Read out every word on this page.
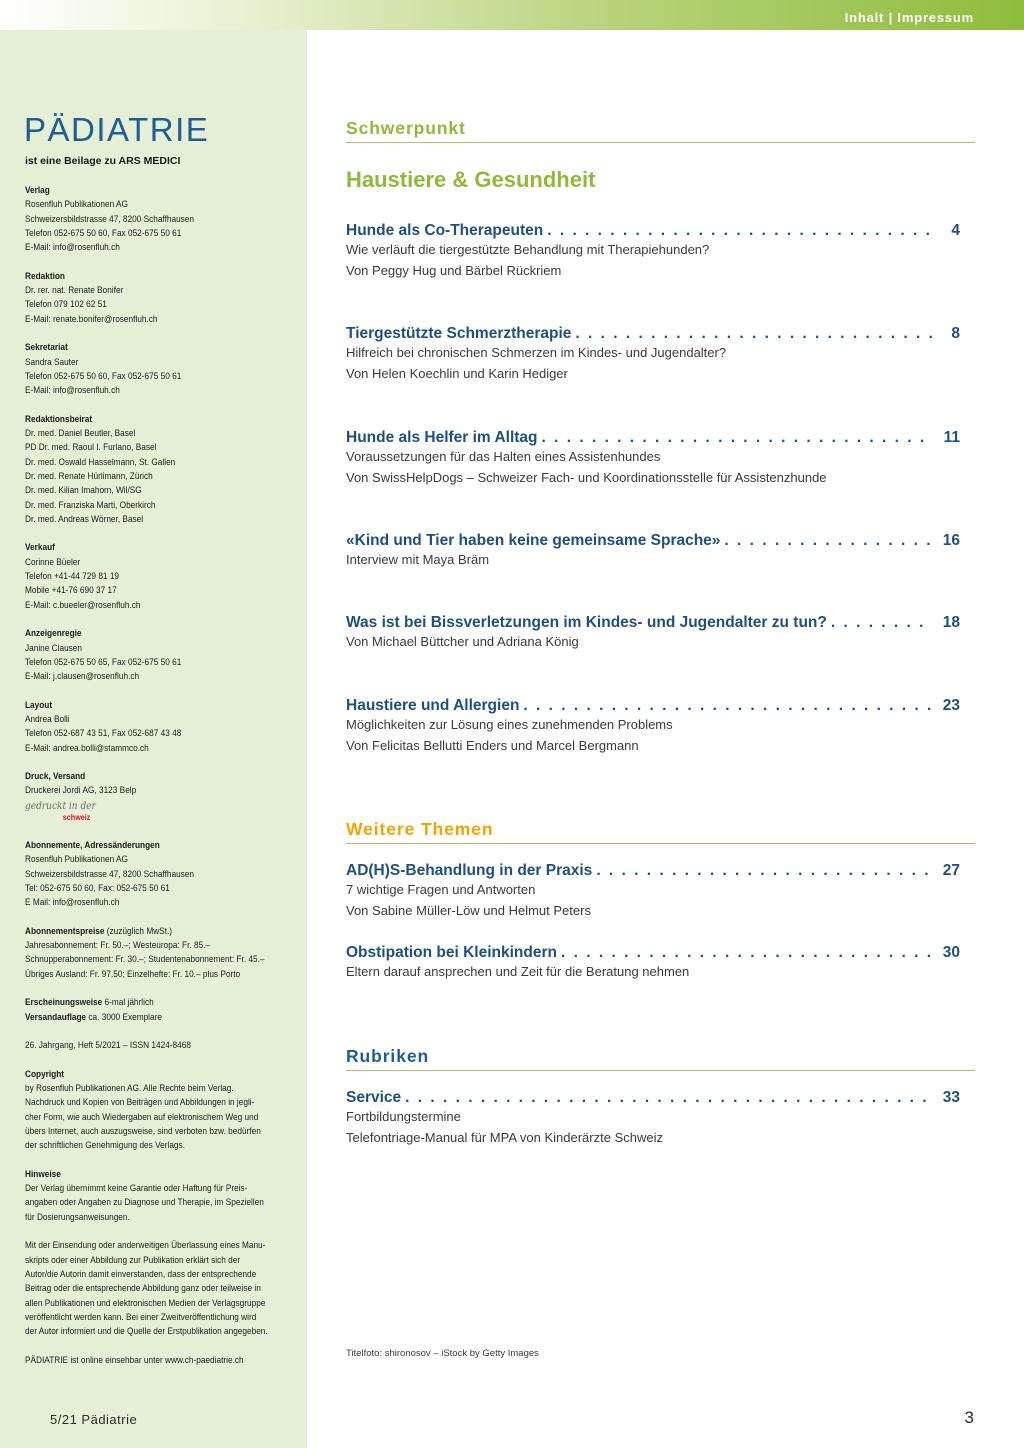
Inhalt | Impressum
PÄDIATRIE
ist eine Beilage zu ARS MEDICI

Verlag

Rosenfluh Publikationen AG

Schweizersbildstrasse 47, 8200 Schaffhausen

Telefon 052-675 50 60, Fax 052-675 50 61

E-Mail: info@rosenfluh.ch

Redaktion

Dr. rer. nat. Renate Bonifer

Telefon 079 102 62 51

E-Mail: renate.bonifer@rosenfluh.ch

Sekretariat

Sandra Sauter

Telefon 052-675 50 60, Fax 052-675 50 61

E-Mail: info@rosenfluh.ch

Redaktionsbeirat

Dr. med. Daniel Beutler, Basel

PD Dr. med. Raoul I. Furlano, Basel

Dr. med. Oswald Hasselmann, St. Gallen

Dr. med. Renate Hürlimann, Zürich

Dr. med. Kilian Imahorn, Wil/SG

Dr. med. Franziska Marti, Oberkirch

Dr. med. Andreas Wörner, Basel

Verkauf

Corinne Büeler

Telefon +41-44 729 81 19

Mobile +41-76 690 37 17

E-Mail: c.bueeler@rosenfluh.ch

Anzeigenregie

Janine Clausen

Telefon 052-675 50 65, Fax 052-675 50 61

E-Mail: j.clausen@rosenfluh.ch

Layout

Andrea Bolli

Telefon 052-687 43 51, Fax 052-687 43 48

E-Mail: andrea.bolli@stammco.ch

Druck, Versand

Druckerei Jordi AG, 3123 Belp

gedruckt in der
schweiz

Abonnemente, Adressänderungen

Rosenfluh Publikationen AG

Schweizersbildstrasse 47, 8200 Schaffhausen

Tel: 052-675 50 60, Fax: 052-675 50 61

E Mail: info@rosenfluh.ch

Abonnementspreise (zuzüglich MwSt.)

Jahresabonnement: Fr. 50.–; Westeuropa: Fr. 85.–

Schnupperabonnement: Fr. 30.–; Studentenabonnement: Fr. 45.–

Übriges Ausland: Fr. 97.50; Einzelhefte: Fr. 10.– plus Porto

Erscheinungsweise 6-mal jährlich

Versandauflage ca. 3000 Exemplare

26. Jahrgang, Heft 5/2021 – ISSN 1424-8468

Copyright

by Rosenfluh Publikationen AG. Alle Rechte beim Verlag.

Nachdruck und Kopien von Beiträgen und Abbildungen in jegli-

cher Form, wie auch Wiedergaben auf elektronischem Weg und

übers Internet, auch auszugsweise, sind verboten bzw. bedürfen

der schriftlichen Genehmigung des Verlags.

Hinweise

Der Verlag übernimmt keine Garantie oder Haftung für Preis-

angaben oder Angaben zu Diagnose und Therapie, im Speziellen

für Dosierungsanweisungen.

Mit der Einsendung oder anderweitigen Überlassung eines Manu-

skripts oder einer Abbildung zur Publikation erklärt sich der

Autor/die Autorin damit einverstanden, dass der entsprechende

Beitrag oder die entsprechende Abbildung ganz oder teilweise in

allen Publikationen und elektronischen Medien der Verlagsgruppe

veröffentlicht werden kann. Bei einer Zweitveröffentlichung wird

der Autor informiert und die Quelle der Erstpublikation angegeben.

PÄDIATRIE ist online einsehbar unter www.ch-paediatrie.ch

Schwerpunkt
Haustiere & Gesundheit
Hunde als Co-Therapeuten . . .	4
Wie verläuft die tiergestützte Behandlung mit Therapiehunden?
Von Peggy Hug und Bärbel Rückriem
Tiergestützte Schmerztherapie . . .	8
Hilfreich bei chronischen Schmerzen im Kindes- und Jugendalter?
Von Helen Koechlin und Karin Hediger
Hunde als Helfer im Alltag . . .	11
Voraussetzungen für das Halten eines Assistenhundes
Von SwissHelpDogs – Schweizer Fach- und Koordinationsstelle für Assistenzhunde
«Kind und Tier haben keine gemeinsame Sprache» . . .	16
Interview mit Maya Bräm
Was ist bei Bissverletzungen im Kindes- und Jugendalter zu tun? . . .	18
Von Michael Büttcher und Adriana König
Haustiere und Allergien . . .	23
Möglichkeiten zur Lösung eines zunehmenden Problems
Von Felicitas Bellutti Enders und Marcel Bergmann
Weitere Themen
AD(H)S-Behandlung in der Praxis . . .	27
7 wichtige Fragen und Antworten
Von Sabine Müller-Löw und Helmut Peters
Obstipation bei Kleinkindern . . .	30
Eltern darauf ansprechen und Zeit für die Beratung nehmen
Rubriken
Service . . .	33
Fortbildungstermine
Telefontriage-Manual für MPA von Kinderärzte Schweiz
Titelfoto: shironosov – iStock by Getty Images
5/21 Pädiatrie	3
